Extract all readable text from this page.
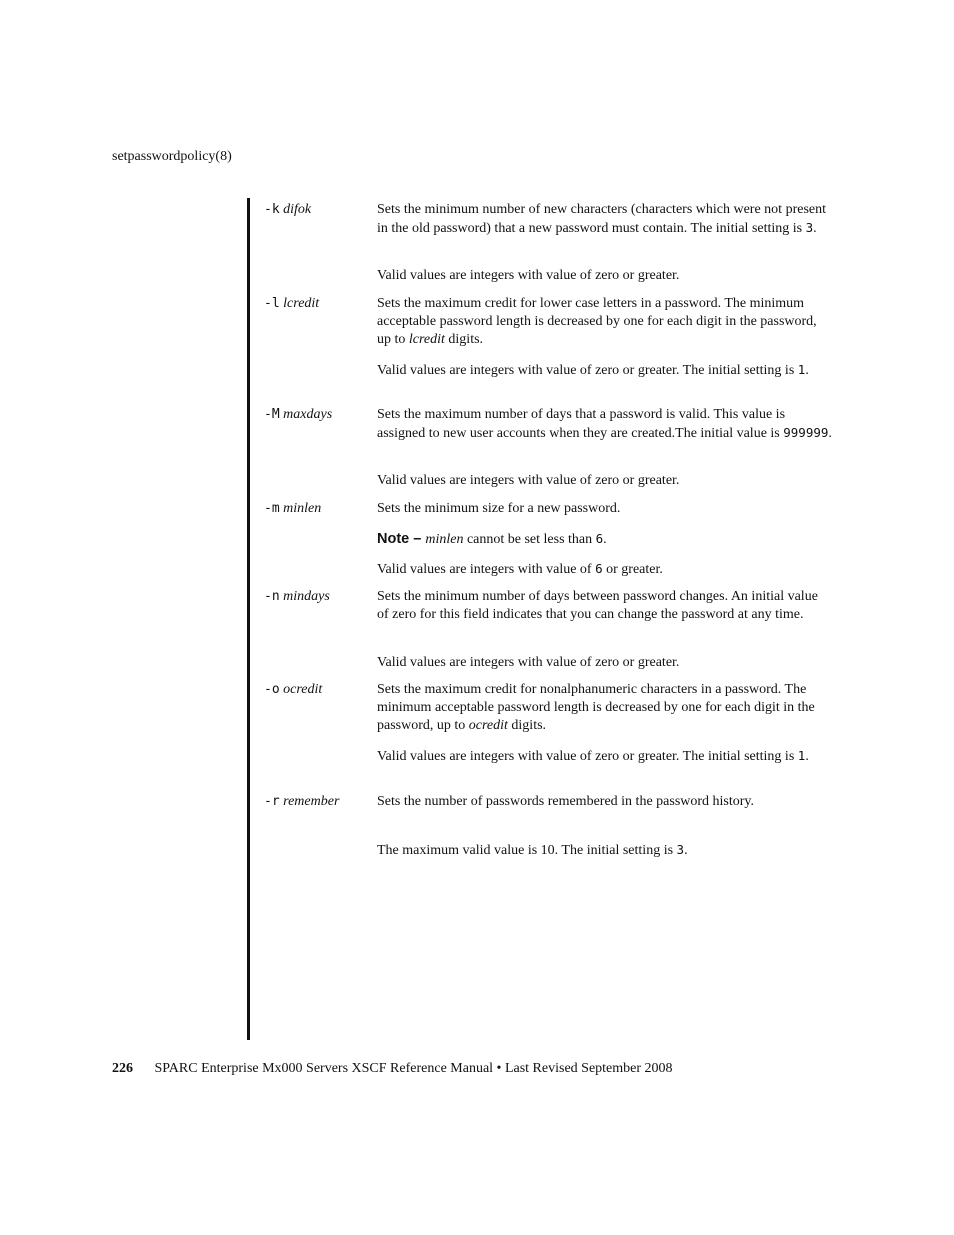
setpasswordpolicy(8)
-k difok	Sets the minimum number of new characters (characters which were not present in the old password) that a new password must contain. The initial setting is 3.
Valid values are integers with value of zero or greater.
-l lcredit	Sets the maximum credit for lower case letters in a password. The minimum acceptable password length is decreased by one for each digit in the password, up to lcredit digits.
Valid values are integers with value of zero or greater. The initial setting is 1.
-M maxdays	Sets the maximum number of days that a password is valid. This value is assigned to new user accounts when they are created.The initial value is 999999.
Valid values are integers with value of zero or greater.
-m minlen	Sets the minimum size for a new password.
Note – minlen cannot be set less than 6.
Valid values are integers with value of 6 or greater.
-n mindays	Sets the minimum number of days between password changes. An initial value of zero for this field indicates that you can change the password at any time.
Valid values are integers with value of zero or greater.
-o ocredit	Sets the maximum credit for nonalphanumeric characters in a password. The minimum acceptable password length is decreased by one for each digit in the password, up to ocredit digits.
Valid values are integers with value of zero or greater. The initial setting is 1.
-r remember	Sets the number of passwords remembered in the password history.
The maximum valid value is 10. The initial setting is 3.
226 SPARC Enterprise Mx000 Servers XSCF Reference Manual • Last Revised September 2008
